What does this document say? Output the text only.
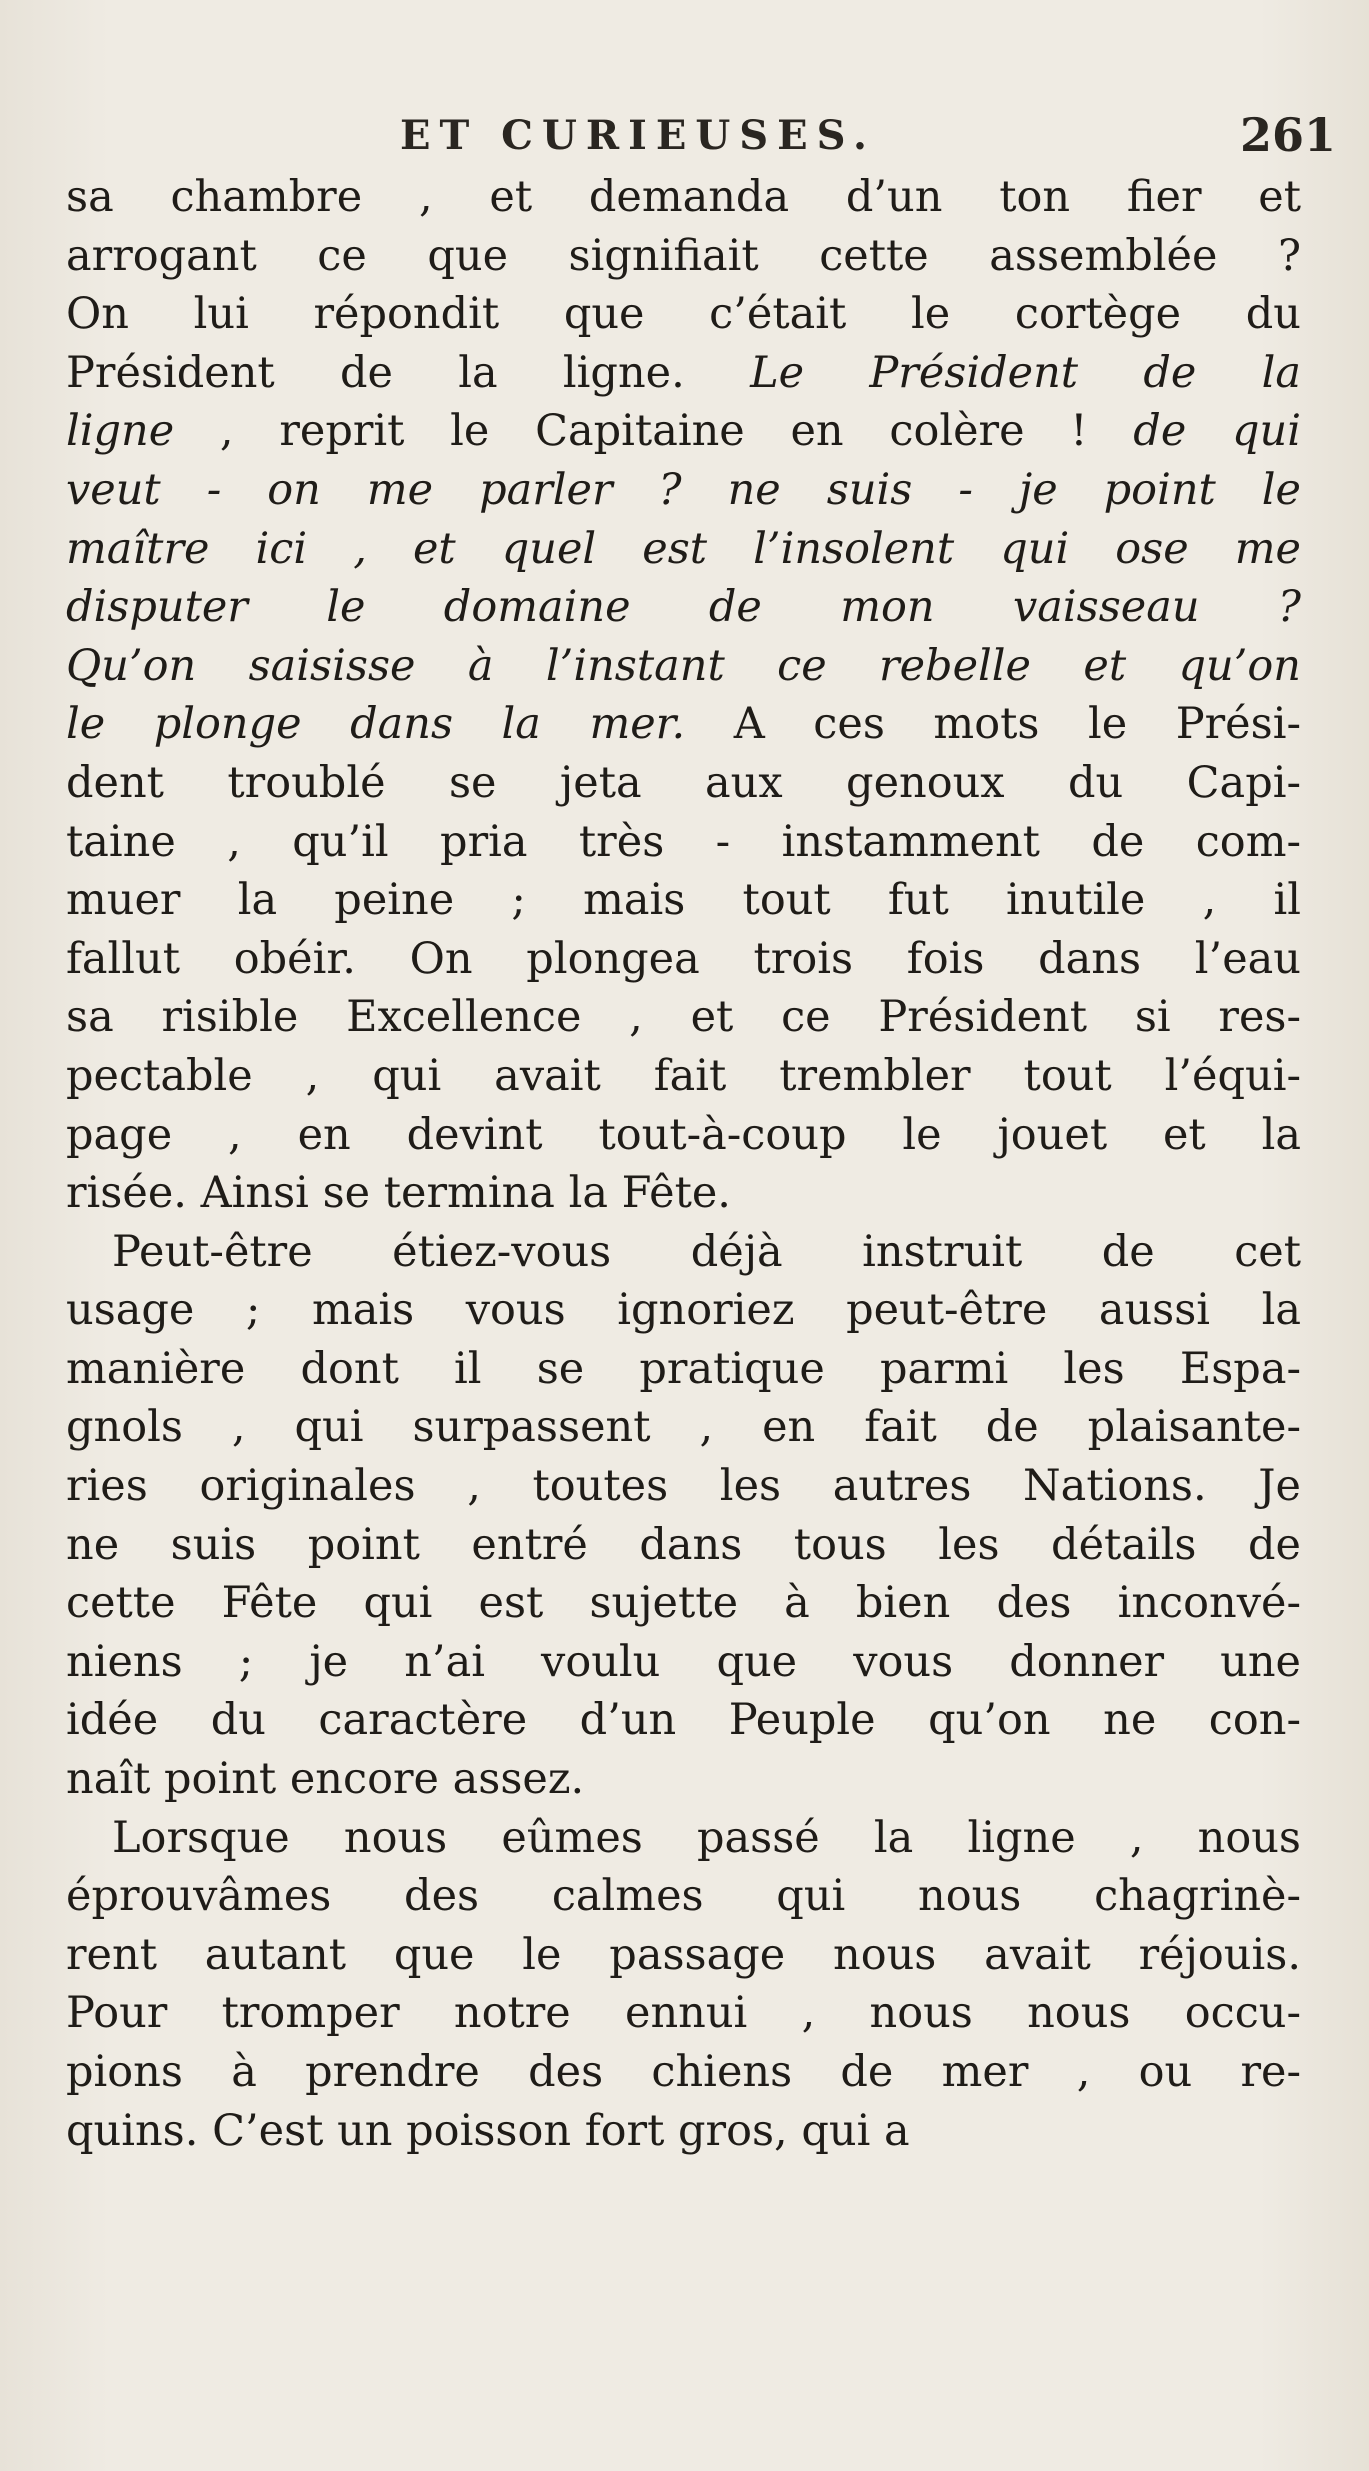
ET CURIEUSES.	261
sa chambre , et demanda d’un ton fier et
arrogant ce que signifiait cette assemblée ?
On lui répondit que c’était le cortège du
Président de la ligne. Le Président de la
ligne , reprit le Capitaine en colère ! de qui
veut - on me parler ? ne suis - je point le
maître ici , et quel est l’insolent qui ose me
disputer le domaine de mon vaisseau ?
Qu’on saisisse à l’instant ce rebelle et qu’on
le plonge dans la mer. A ces mots le Prési-
dent troublé se jeta aux genoux du Capi-
taine , qu’il pria très - instamment de com-
muer la peine ; mais tout fut inutile , il
fallut obéir. On plongea trois fois dans l’eau
sa risible Excellence , et ce Président si res-
pectable , qui avait fait trembler tout l’équi-
page , en devint tout-à-coup le jouet et la
risée. Ainsi se termina la Fête.
Peut-être étiez-vous déjà instruit de cet
usage ; mais vous ignoriez peut-être aussi la
manière dont il se pratique parmi les Espa-
gnols , qui surpassent , en fait de plaisante-
ries originales , toutes les autres Nations. Je
ne suis point entré dans tous les détails de
cette Fête qui est sujette à bien des inconvé-
niens ; je n’ai voulu que vous donner une
idée du caractère d’un Peuple qu’on ne con-
naît point encore assez.
Lorsque nous eûmes passé la ligne , nous
éprouvâmes des calmes qui nous chagrinè-
rent autant que le passage nous avait réjouis.
Pour tromper notre ennui , nous nous occu-
pions à prendre des chiens de mer , ou re-
quins. C’est un poisson fort gros, qui a
